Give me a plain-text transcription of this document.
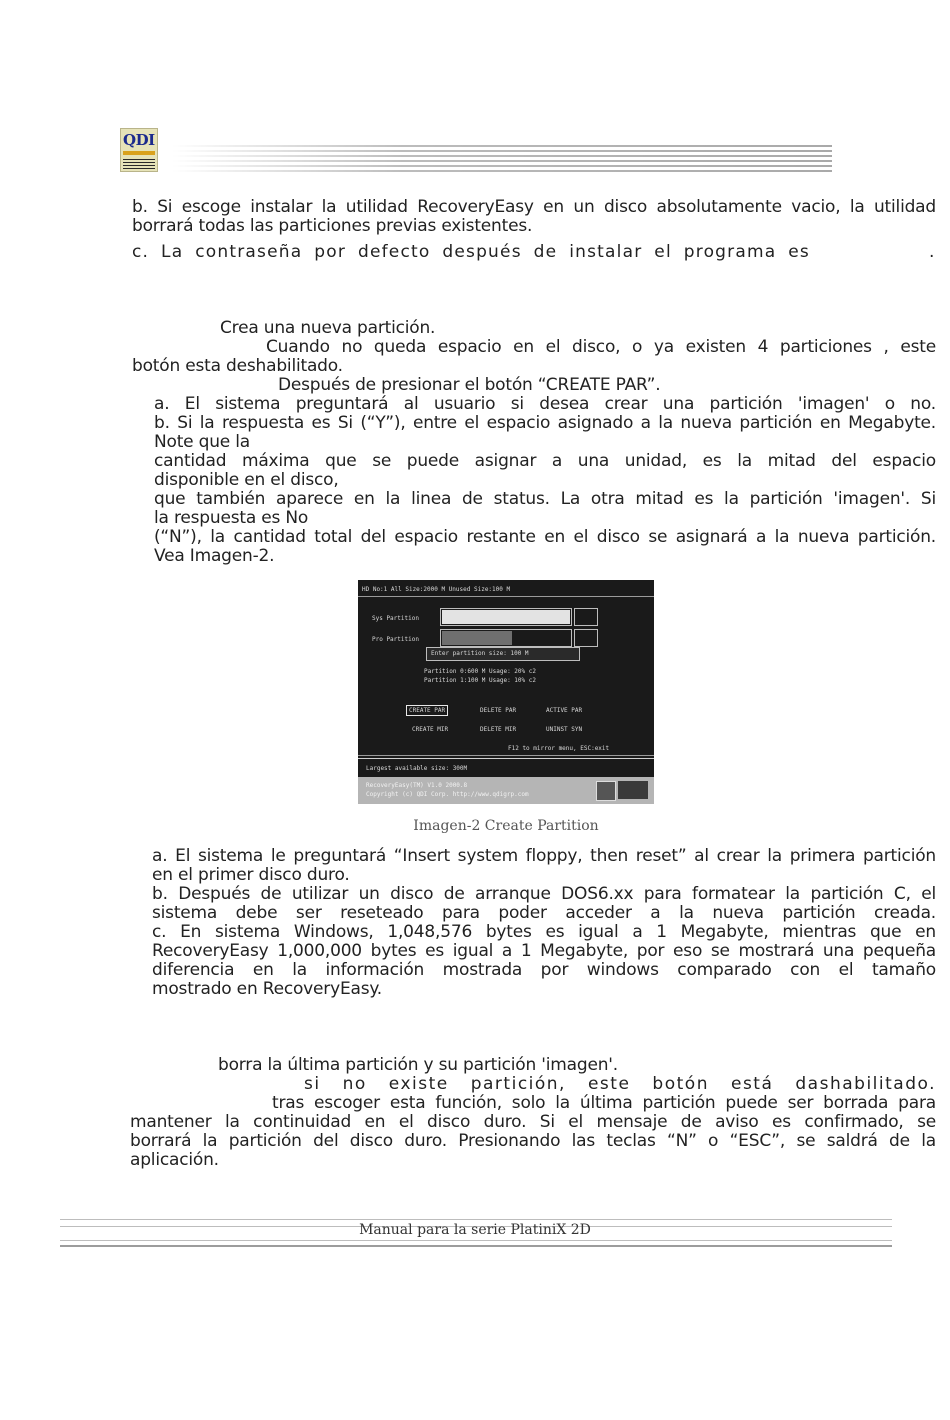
QDI
b. Si escoge instalar la utilidad RecoveryEasy en un disco absolutamente vacio, la utilidad
borrará todas las particiones previas existentes.
c. La contraseña por defecto después de instalar el programa es	.
Crea una nueva partición.
Cuando no queda espacio en el disco, o ya existen 4 particiones , este
botón esta deshabilitado.
Después de presionar el botón “CREATE PAR”.
a. El sistema preguntará al usuario si desea crear una partición 'imagen' o no.
b. Si la respuesta es Si (“Y”), entre el espacio asignado a la nueva partición en Megabyte.
Note que la
cantidad máxima que se puede asignar a una unidad, es la mitad del espacio
disponible en el disco,
que también aparece en la linea de status. La otra mitad es la partición 'imagen'. Si
la respuesta es No
(“N”), la cantidad total del espacio restante en el disco se asignará a la nueva partición.
Vea Imagen-2.
HD No:1 All Size:2000 M Unused Size:100 M
Sys Partition
Pro Partition
Enter partition size: 100 M
Partition 0:600 M Usage: 20% c2
Partition 1:100 M Usage: 10% c2
CREATE PAR	DELETE PAR	ACTIVE PAR
CREATE MIR	DELETE MIR	UNINST SYN
F12 to mirror menu, ESC:exit
Largest available size: 300M
RecoveryEasy(TM) V1.0 2000.8
Copyright (c) QDI Corp. http://www.qdigrp.com
Imagen-2 Create Partition
a. El sistema le preguntará “Insert system floppy, then reset” al crear la primera partición
en el primer disco duro.
b. Después de utilizar un disco de arranque DOS6.xx para formatear la partición C, el
sistema debe ser reseteado para poder acceder a la nueva partición creada.
c. En sistema Windows, 1,048,576 bytes es igual a 1 Megabyte, mientras que en
RecoveryEasy 1,000,000 bytes es igual a 1 Megabyte, por eso se mostrará una pequeña
diferencia en la información mostrada por windows comparado con el tamaño
mostrado en RecoveryEasy.
borra la última partición y su partición 'imagen'.
si no existe partición, este botón está dashabilitado.
tras escoger esta función, solo la última partición puede ser borrada para
mantener la continuidad en el disco duro. Si el mensaje de aviso es confirmado, se
borrará la partición del disco duro. Presionando las teclas “N” o “ESC”, se saldrá de la
aplicación.
Manual para la serie PlatiniX 2D
